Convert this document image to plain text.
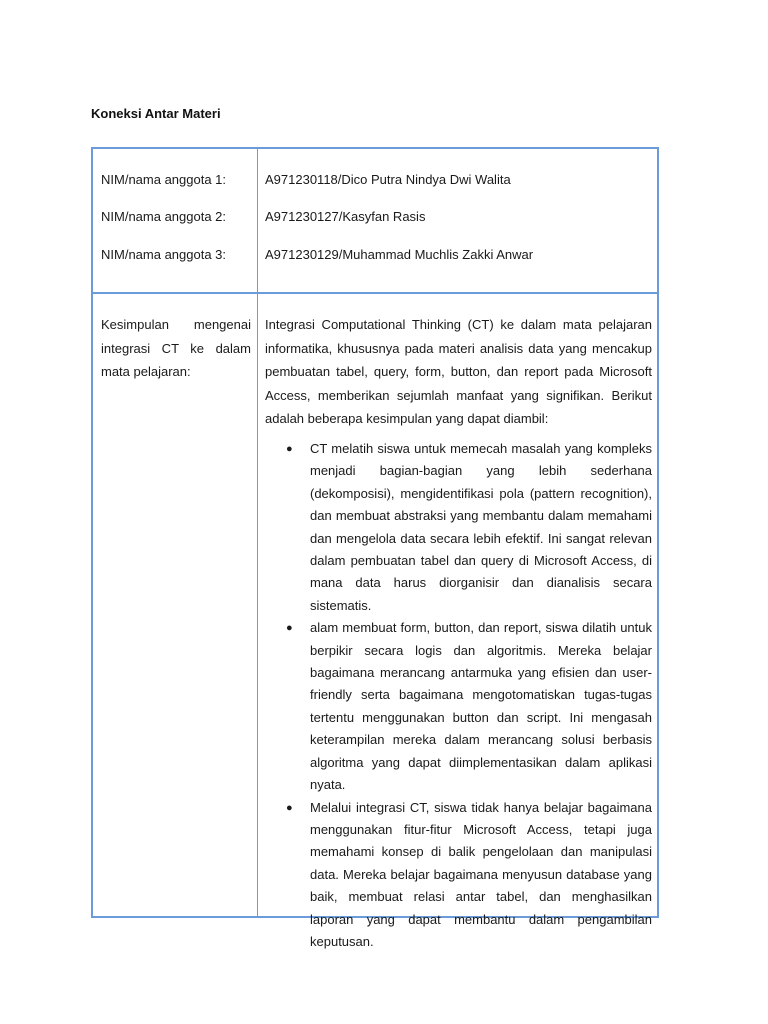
Koneksi Antar Materi
NIM/nama anggota 1:	A971230118/Dico Putra Nindya Dwi Walita
NIM/nama anggota 2:	A971230127/Kasyfan Rasis
NIM/nama anggota 3:	A971230129/Muhammad Muchlis Zakki Anwar
Kesimpulan mengenai integrasi CT ke dalam mata pelajaran:
Integrasi Computational Thinking (CT) ke dalam mata pelajaran informatika, khususnya pada materi analisis data yang mencakup pembuatan tabel, query, form, button, dan report pada Microsoft Access, memberikan sejumlah manfaat yang signifikan. Berikut adalah beberapa kesimpulan yang dapat diambil:
● CT melatih siswa untuk memecah masalah yang kompleks menjadi bagian-bagian yang lebih sederhana (dekomposisi), mengidentifikasi pola (pattern recognition), dan membuat abstraksi yang membantu dalam memahami dan mengelola data secara lebih efektif. Ini sangat relevan dalam pembuatan tabel dan query di Microsoft Access, di mana data harus diorganisir dan dianalisis secara sistematis.
● alam membuat form, button, dan report, siswa dilatih untuk berpikir secara logis dan algoritmis. Mereka belajar bagaimana merancang antarmuka yang efisien dan user-friendly serta bagaimana mengotomatiskan tugas-tugas tertentu menggunakan button dan script. Ini mengasah keterampilan mereka dalam merancang solusi berbasis algoritma yang dapat diimplementasikan dalam aplikasi nyata.
● Melalui integrasi CT, siswa tidak hanya belajar bagaimana menggunakan fitur-fitur Microsoft Access, tetapi juga memahami konsep di balik pengelolaan dan manipulasi data. Mereka belajar bagaimana menyusun database yang baik, membuat relasi antar tabel, dan menghasilkan laporan yang dapat membantu dalam pengambilan keputusan.
